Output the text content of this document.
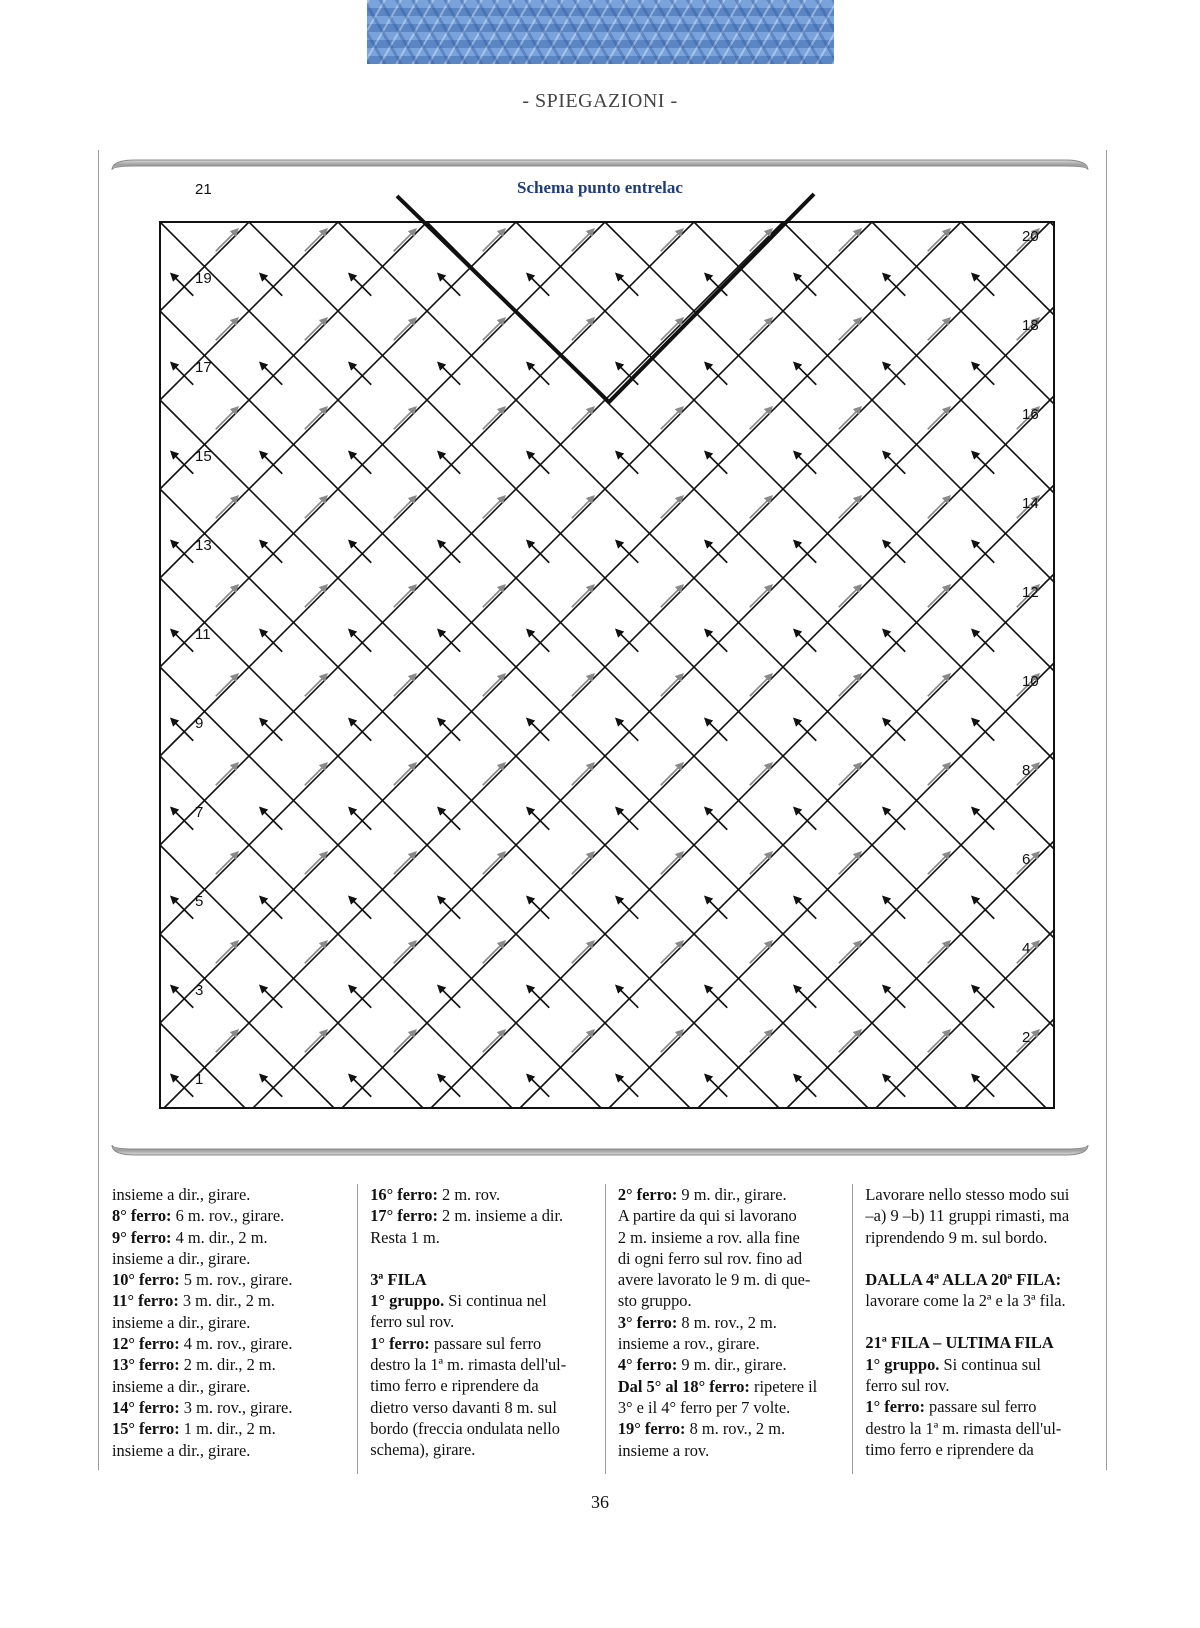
- SPIEGAZIONI -
Schema punto entrelac
1
3
5
7
9
11
13
15
17
19
21
2
4
6
8
10
12
14
16
18
20

insieme a dir., girare.

8° ferro: 6 m. rov., girare.

9° ferro: 4 m. dir., 2 m.

insieme a dir., girare.

10° ferro: 5 m. rov., girare.

11° ferro: 3 m. dir., 2 m.

insieme a dir., girare.

12° ferro: 4 m. rov., girare.

13° ferro: 2 m. dir., 2 m.

insieme a dir., girare.

14° ferro: 3 m. rov., girare.

15° ferro: 1 m. dir., 2 m.

insieme a dir., girare.

16° ferro: 2 m. rov.

17° ferro: 2 m. insieme a dir.

Resta 1 m.

3ª FILA

1° gruppo. Si continua nel

ferro sul rov.

1° ferro: passare sul ferro

destro la 1ª m. rimasta dell'ul-

timo ferro e riprendere da

dietro verso davanti 8 m. sul

bordo (freccia ondulata nello

schema), girare.

2° ferro: 9 m. dir., girare.

A partire da qui si lavorano

2 m. insieme a rov. alla fine

di ogni ferro sul rov. fino ad

avere lavorato le 9 m. di que-

sto gruppo.

3° ferro: 8 m. rov., 2 m.

insieme a rov., girare.

4° ferro: 9 m. dir., girare.

Dal 5° al 18° ferro: ripetere il

3° e il 4° ferro per 7 volte.

19° ferro: 8 m. rov., 2 m.

insieme a rov.

Lavorare nello stesso modo sui

–a) 9 –b) 11 gruppi rimasti, ma

riprendendo 9 m. sul bordo.

DALLA 4ª ALLA 20ª FILA:

lavorare come la 2ª e la 3ª fila.

21ª FILA – ULTIMA FILA

1° gruppo. Si continua sul

ferro sul rov.

1° ferro: passare sul ferro

destro la 1ª m. rimasta dell'ul-

timo ferro e riprendere da

36
